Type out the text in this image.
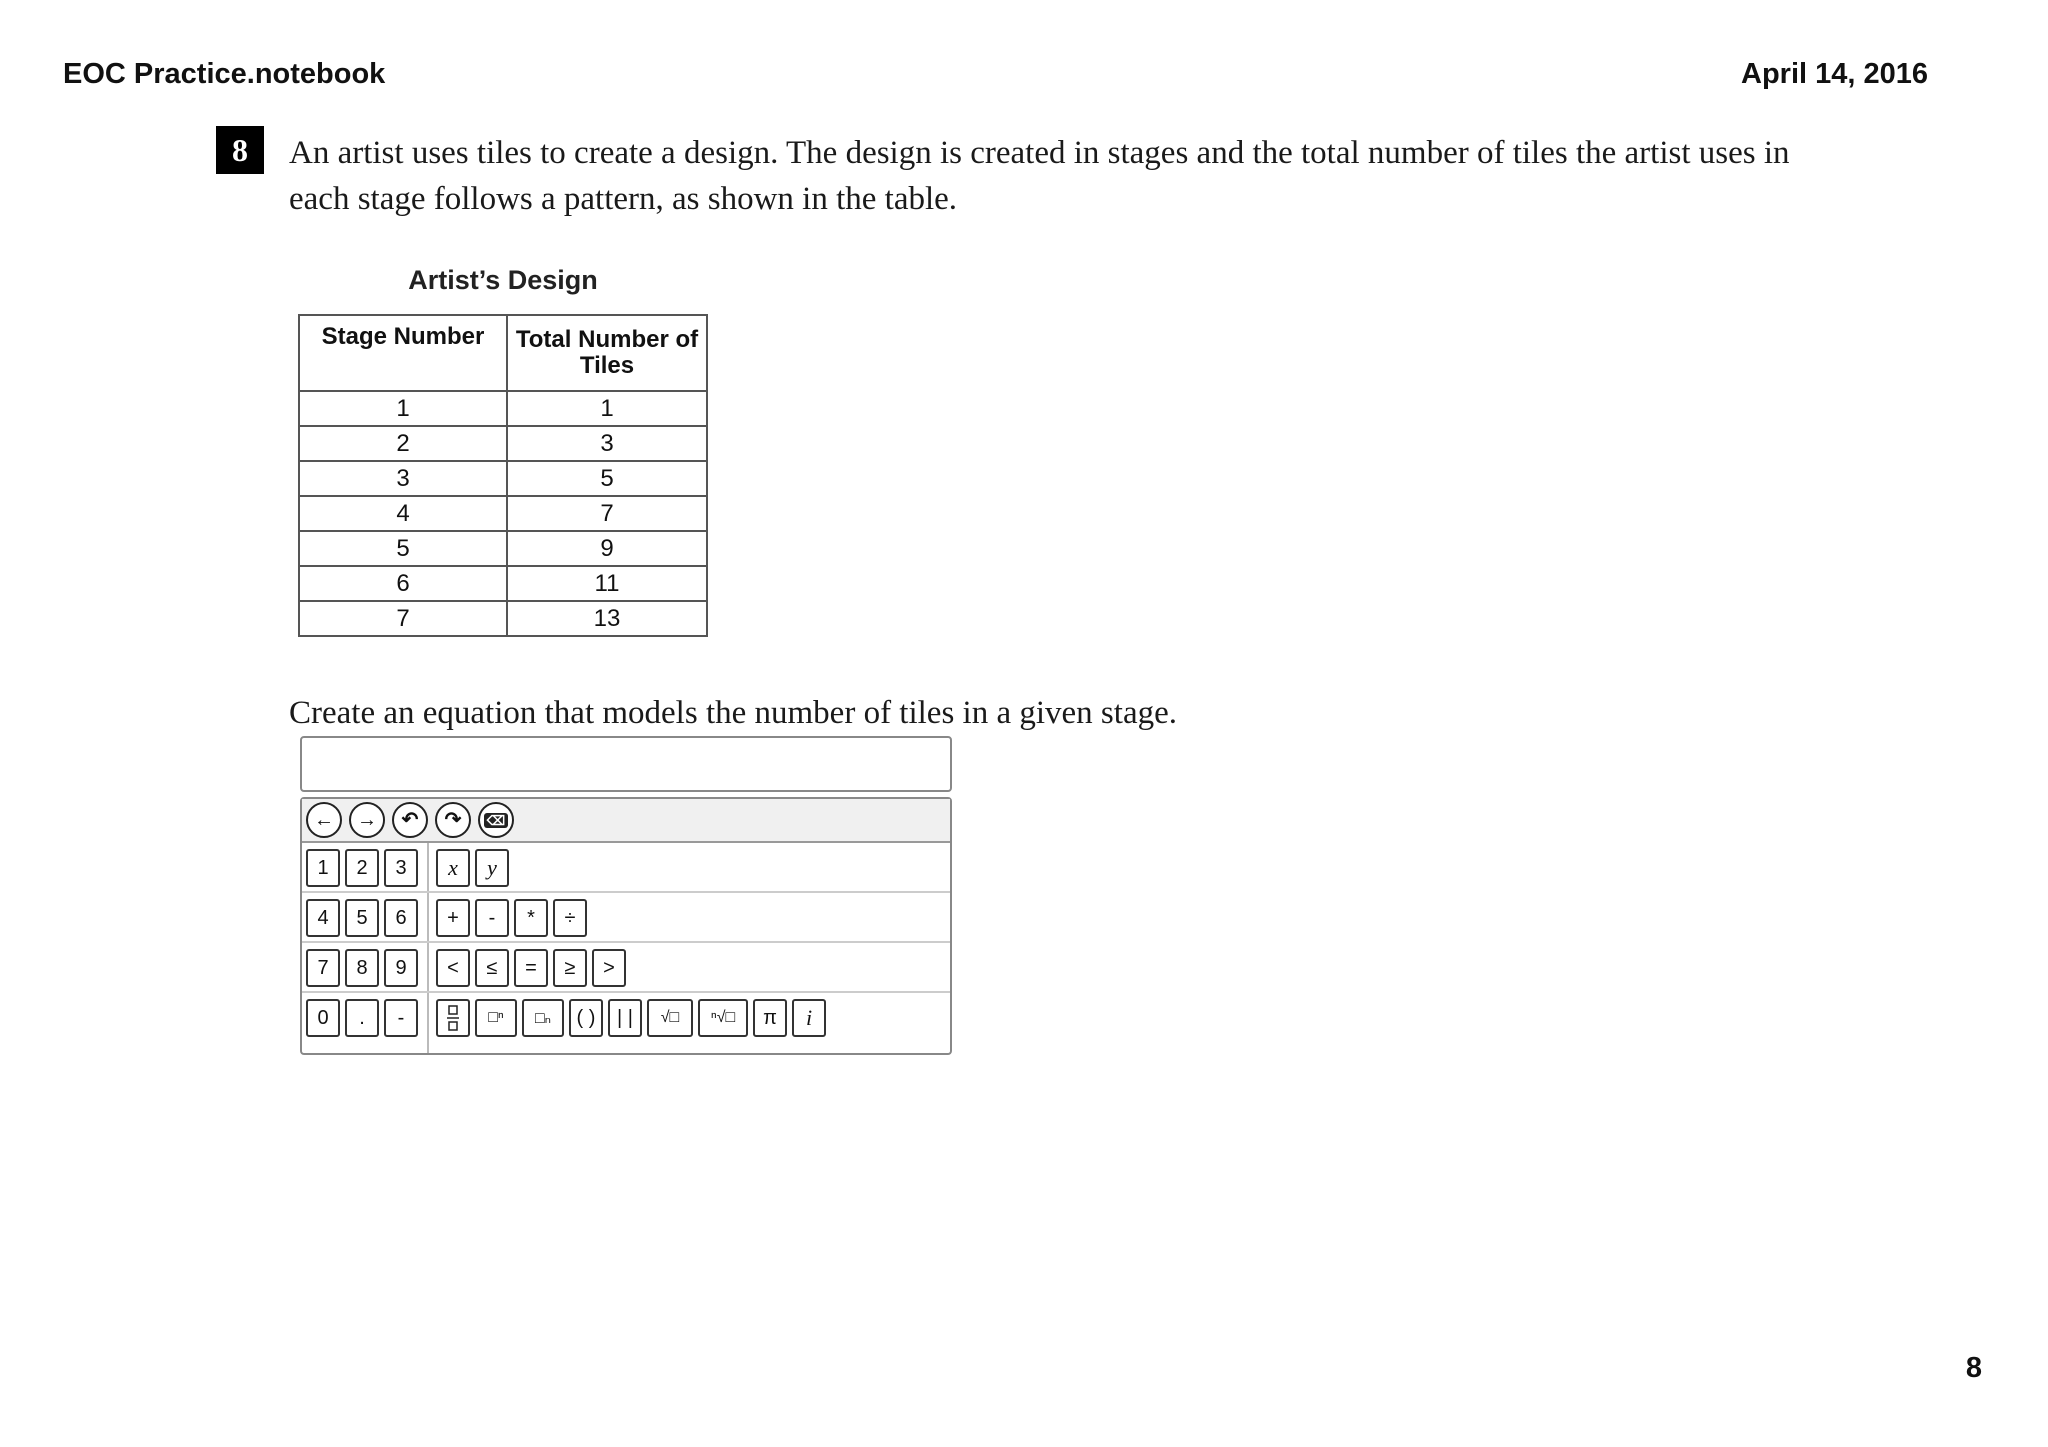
EOC Practice.notebook	April 14, 2016
8	An artist uses tiles to create a design. The design is created in stages and the total number of tiles the artist uses in each stage follows a pattern, as shown in the table.
Artist’s Design
Stage Number	Total Number of Tiles
1	1
2	3
3	5
4	7
5	9
6	11
7	13
Create an equation that models the number of tiles in a given stage.
←	→	↶	↷	⌫
1	2	3	x	y
4	5	6	+	-	*	÷
7	8	9	<	≤	=	≥	>
0	.	-	□ⁿ	□ₙ	( )	| |	√□	ⁿ√□	π	i
8
